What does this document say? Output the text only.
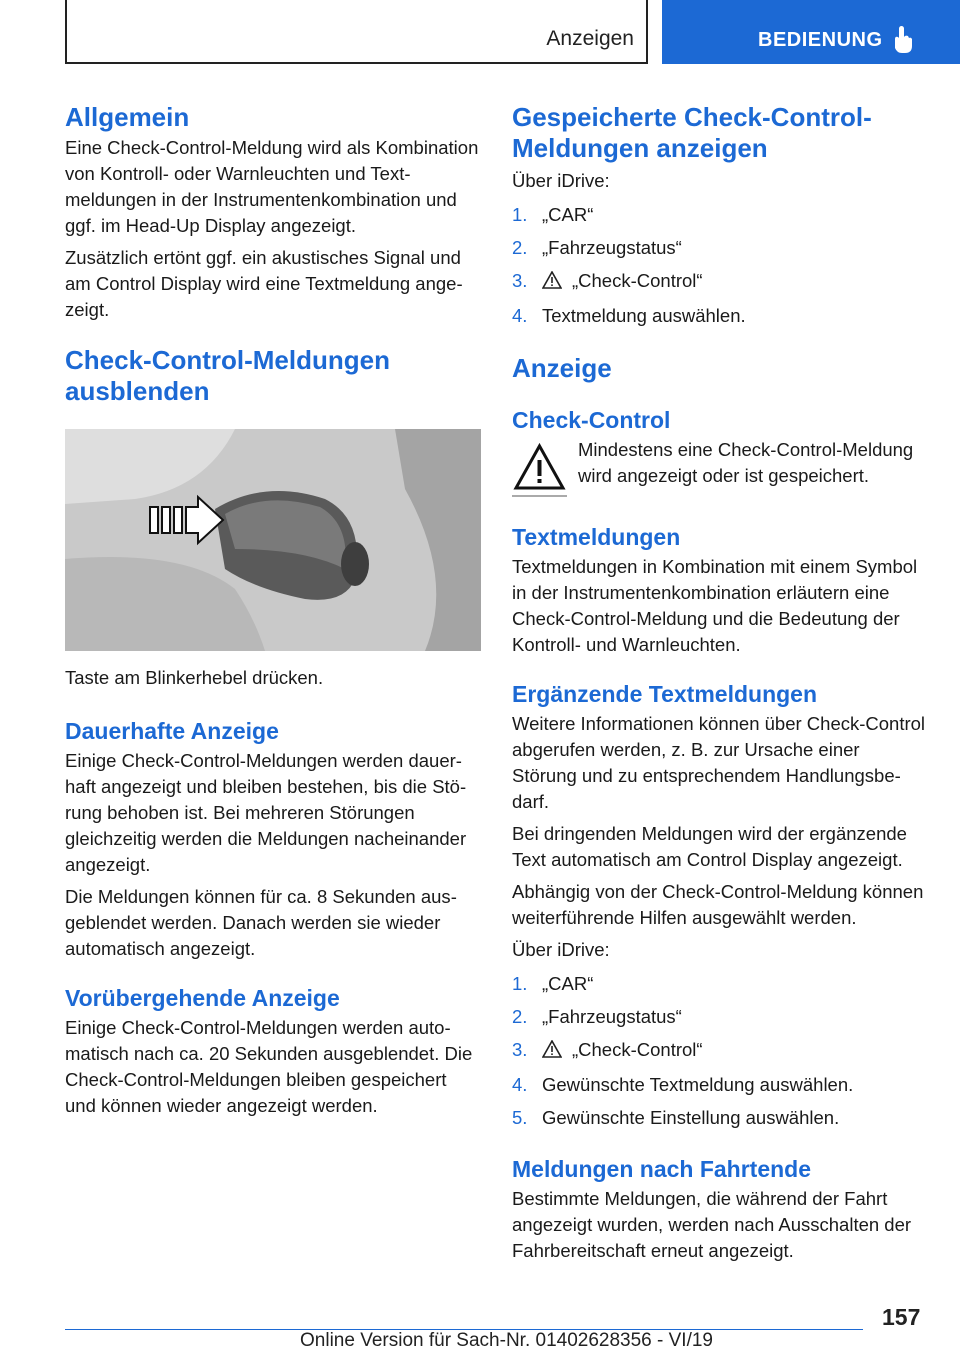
Anzeigen	BEDIENUNG
Allgemein

Eine Check-Control-Meldung wird als Kombination von Kontroll- oder Warnleuchten und Textmeldungen in der Instrumentenkombination und ggf. im Head-Up Display angezeigt.

Zusätzlich ertönt ggf. ein akustisches Signal und am Control Display wird eine Textmeldung angezeigt.

Check-Control-Meldungen ausblenden

Taste am Blinkerhebel drücken.

Dauerhafte Anzeige

Einige Check-Control-Meldungen werden dauerhaft angezeigt und bleiben bestehen, bis die Störung behoben ist. Bei mehreren Störungen gleichzeitig werden die Meldungen nacheinander angezeigt.

Die Meldungen können für ca. 8 Sekunden ausgeblendet werden. Danach werden sie wieder automatisch angezeigt.

Vorübergehende Anzeige

Einige Check-Control-Meldungen werden automatisch nach ca. 20 Sekunden ausgeblendet. Die Check-Control-Meldungen bleiben gespeichert und können wieder angezeigt werden.

Gespeicherte Check-Control-Meldungen anzeigen

Über iDrive:

1. „CAR“
2. „Fahrzeugstatus“
3. „Check-Control“
4. Textmeldung auswählen.
Anzeige
Check-Control

Mindestens eine Check-Control-Meldung wird angezeigt oder ist gespeichert.

Textmeldungen

Textmeldungen in Kombination mit einem Symbol in der Instrumentenkombination erläutern eine Check-Control-Meldung und die Bedeutung der Kontroll- und Warnleuchten.

Ergänzende Textmeldungen

Weitere Informationen können über Check-Control abgerufen werden, z. B. zur Ursache einer Störung und zu entsprechendem Handlungsbedarf.

Bei dringenden Meldungen wird der ergänzende Text automatisch am Control Display angezeigt.

Abhängig von der Check-Control-Meldung können weiterführende Hilfen ausgewählt werden.

Über iDrive:

1. „CAR“
2. „Fahrzeugstatus“
3. „Check-Control“
4. Gewünschte Textmeldung auswählen.
5. Gewünschte Einstellung auswählen.
Meldungen nach Fahrtende

Bestimmte Meldungen, die während der Fahrt angezeigt wurden, werden nach Ausschalten der Fahrbereitschaft erneut angezeigt.

157
Online Version für Sach-Nr. 01402628356 - VI/19
